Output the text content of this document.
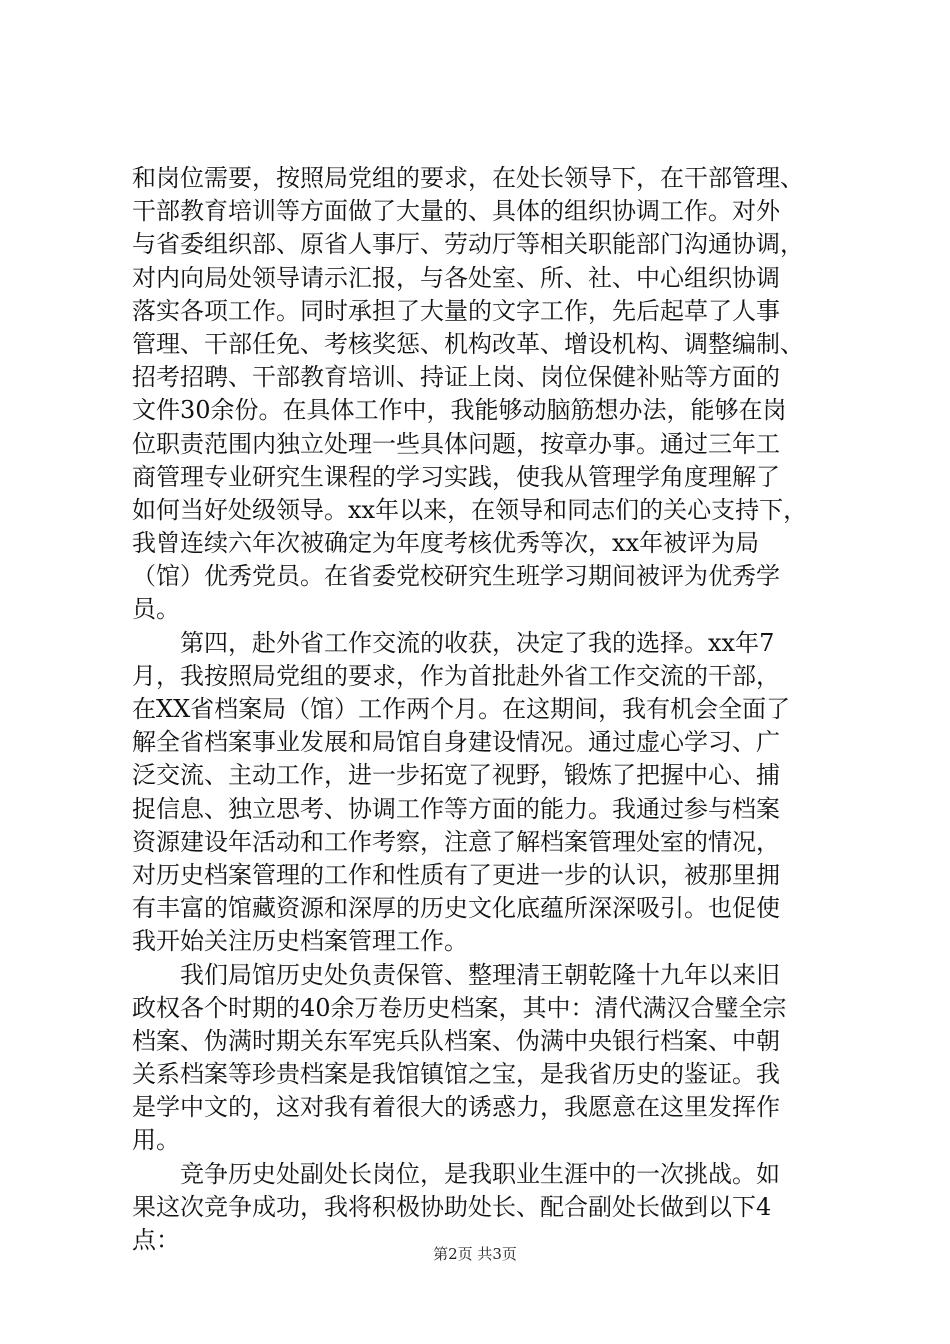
和岗位需要，按照局党组的要求，在处长领导下，在干部管理、
干部教育培训等方面做了大量的、具体的组织协调工作。对外
与省委组织部、原省人事厅、劳动厅等相关职能部门沟通协调，
对内向局处领导请示汇报，与各处室、所、社、中心组织协调
落实各项工作。同时承担了大量的文字工作，先后起草了人事
管理、干部任免、考核奖惩、机构改革、增设机构、调整编制、
招考招聘、干部教育培训、持证上岗、岗位保健补贴等方面的
文件30余份。在具体工作中，我能够动脑筋想办法，能够在岗
位职责范围内独立处理一些具体问题，按章办事。通过三年工
商管理专业研究生课程的学习实践，使我从管理学角度理解了
如何当好处级领导。xx年以来，在领导和同志们的关心支持下，
我曾连续六年次被确定为年度考核优秀等次，xx年被评为局
（馆）优秀党员。在省委党校研究生班学习期间被评为优秀学
员。
第四，赴外省工作交流的收获，决定了我的选择。xx年7
月，我按照局党组的要求，作为首批赴外省工作交流的干部，
在XX省档案局（馆）工作两个月。在这期间，我有机会全面了
解全省档案事业发展和局馆自身建设情况。通过虚心学习、广
泛交流、主动工作，进一步拓宽了视野，锻炼了把握中心、捕
捉信息、独立思考、协调工作等方面的能力。我通过参与档案
资源建设年活动和工作考察，注意了解档案管理处室的情况，
对历史档案管理的工作和性质有了更进一步的认识，被那里拥
有丰富的馆藏资源和深厚的历史文化底蕴所深深吸引。也促使
我开始关注历史档案管理工作。
我们局馆历史处负责保管、整理清王朝乾隆十九年以来旧
政权各个时期的40余万卷历史档案，其中：清代满汉合璧全宗
档案、伪满时期关东军宪兵队档案、伪满中央银行档案、中朝
关系档案等珍贵档案是我馆镇馆之宝，是我省历史的鉴证。我
是学中文的，这对我有着很大的诱惑力，我愿意在这里发挥作
用。
竞争历史处副处长岗位，是我职业生涯中的一次挑战。如
果这次竞争成功，我将积极协助处长、配合副处长做到以下4
点：	第2页 共3页
